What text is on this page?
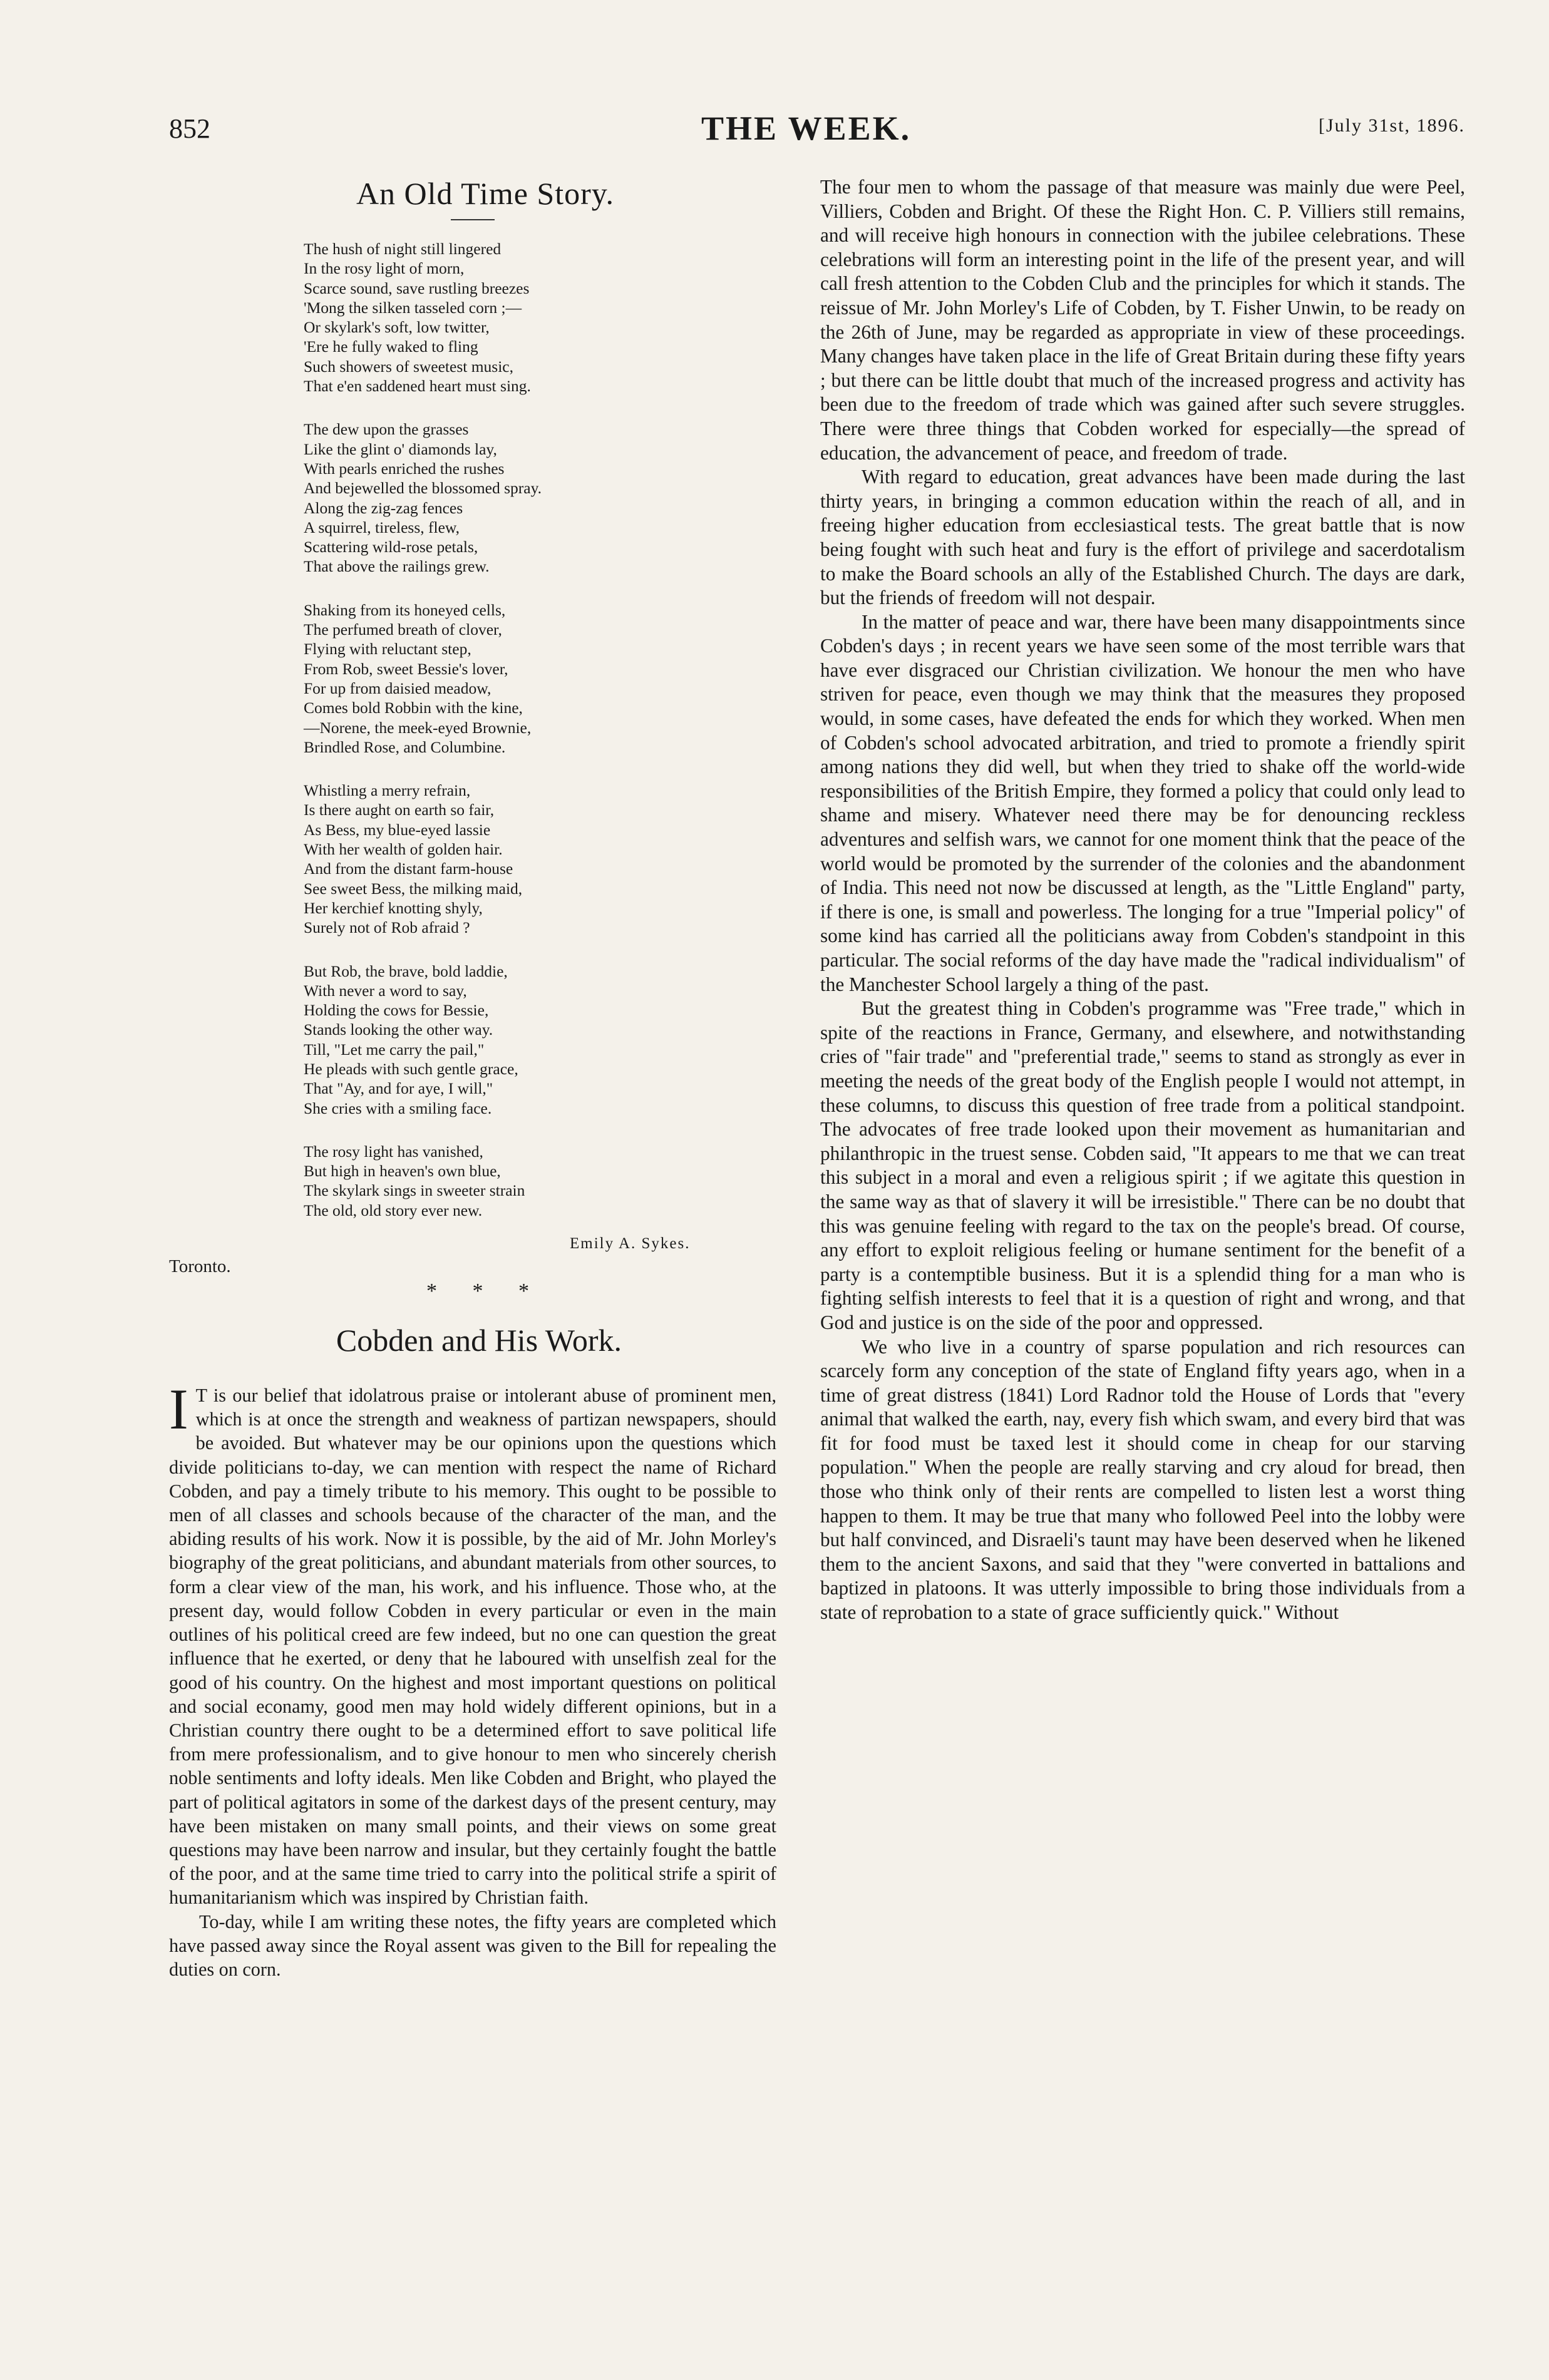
852	THE WEEK.	[July 31st, 1896.
An Old Time Story.
The hush of night still lingered
In the rosy light of morn,
Scarce sound, save rustling breezes
'Mong the silken tasseled corn ;—
Or skylark's soft, low twitter,
'Ere he fully waked to fling
Such showers of sweetest music,
That e'en saddened heart must sing.
The dew upon the grasses
Like the glint o' diamonds lay,
With pearls enriched the rushes
And bejewelled the blossomed spray.
Along the zig-zag fences
A squirrel, tireless, flew,
Scattering wild-rose petals,
That above the railings grew.
Shaking from its honeyed cells,
The perfumed breath of clover,
Flying with reluctant step,
From Rob, sweet Bessie's lover,
For up from daisied meadow,
Comes bold Robbin with the kine,
—Norene, the meek-eyed Brownie,
Brindled Rose, and Columbine.
Whistling a merry refrain,
Is there aught on earth so fair,
As Bess, my blue-eyed lassie
With her wealth of golden hair.
And from the distant farm-house
See sweet Bess, the milking maid,
Her kerchief knotting shyly,
Surely not of Rob afraid ?
But Rob, the brave, bold laddie,
With never a word to say,
Holding the cows for Bessie,
Stands looking the other way.
Till, "Let me carry the pail,"
He pleads with such gentle grace,
That "Ay, and for aye, I will,"
She cries with a smiling face.
The rosy light has vanished,
But high in heaven's own blue,
The skylark sings in sweeter strain
The old, old story ever new.
Emily A. Sykes.
Toronto.
* * *
Cobden and His Work.

I T is our belief that idolatrous praise or intolerant abuse of prominent men, which is at once the strength and weakness of partizan newspapers, should be avoided. But whatever may be our opinions upon the questions which divide politicians to-day, we can mention with respect the name of Richard Cobden, and pay a timely tribute to his memory. This ought to be possible to men of all classes and schools because of the character of the man, and the abiding results of his work. Now it is possible, by the aid of Mr. John Morley's biography of the great politicians, and abundant materials from other sources, to form a clear view of the man, his work, and his influence. Those who, at the present day, would follow Cobden in every particular or even in the main outlines of his political creed are few indeed, but no one can question the great influence that he exerted, or deny that he laboured with unselfish zeal for the good of his country. On the highest and most important questions on political and social econamy, good men may hold widely different opinions, but in a Christian country there ought to be a determined effort to save political life from mere professionalism, and to give honour to men who sincerely cherish noble sentiments and lofty ideals. Men like Cobden and Bright, who played the part of political agitators in some of the darkest days of the present century, may have been mistaken on many small points, and their views on some great questions may have been narrow and insular, but they certainly fought the battle of the poor, and at the same time tried to carry into the political strife a spirit of humanitarianism which was inspired by Christian faith.

To-day, while I am writing these notes, the fifty years are completed which have passed away since the Royal assent was given to the Bill for repealing the duties on corn.

The four men to whom the passage of that measure was mainly due were Peel, Villiers, Cobden and Bright. Of these the Right Hon. C. P. Villiers still remains, and will receive high honours in connection with the jubilee celebrations. These celebrations will form an interesting point in the life of the present year, and will call fresh attention to the Cobden Club and the principles for which it stands. The reissue of Mr. John Morley's Life of Cobden, by T. Fisher Unwin, to be ready on the 26th of June, may be regarded as appropriate in view of these proceedings. Many changes have taken place in the life of Great Britain during these fifty years ; but there can be little doubt that much of the increased progress and activity has been due to the freedom of trade which was gained after such severe struggles. There were three things that Cobden worked for especially—the spread of education, the advancement of peace, and freedom of trade.

With regard to education, great advances have been made during the last thirty years, in bringing a common education within the reach of all, and in freeing higher education from ecclesiastical tests. The great battle that is now being fought with such heat and fury is the effort of privilege and sacerdotalism to make the Board schools an ally of the Established Church. The days are dark, but the friends of freedom will not despair.

In the matter of peace and war, there have been many disappointments since Cobden's days ; in recent years we have seen some of the most terrible wars that have ever disgraced our Christian civilization. We honour the men who have striven for peace, even though we may think that the measures they proposed would, in some cases, have defeated the ends for which they worked. When men of Cobden's school advocated arbitration, and tried to promote a friendly spirit among nations they did well, but when they tried to shake off the world-wide responsibilities of the British Empire, they formed a policy that could only lead to shame and misery. Whatever need there may be for denouncing reckless adventures and selfish wars, we cannot for one moment think that the peace of the world would be promoted by the surrender of the colonies and the abandonment of India. This need not now be discussed at length, as the "Little England" party, if there is one, is small and powerless. The longing for a true "Imperial policy" of some kind has carried all the politicians away from Cobden's standpoint in this particular. The social reforms of the day have made the "radical individualism" of the Manchester School largely a thing of the past.

But the greatest thing in Cobden's programme was "Free trade," which in spite of the reactions in France, Germany, and elsewhere, and notwithstanding cries of "fair trade" and "preferential trade," seems to stand as strongly as ever in meeting the needs of the great body of the English people I would not attempt, in these columns, to discuss this question of free trade from a political standpoint. The advocates of free trade looked upon their movement as humanitarian and philanthropic in the truest sense. Cobden said, "It appears to me that we can treat this subject in a moral and even a religious spirit ; if we agitate this question in the same way as that of slavery it will be irresistible." There can be no doubt that this was genuine feeling with regard to the tax on the people's bread. Of course, any effort to exploit religious feeling or humane sentiment for the benefit of a party is a contemptible business. But it is a splendid thing for a man who is fighting selfish interests to feel that it is a question of right and wrong, and that God and justice is on the side of the poor and oppressed.

We who live in a country of sparse population and rich resources can scarcely form any conception of the state of England fifty years ago, when in a time of great distress (1841) Lord Radnor told the House of Lords that "every animal that walked the earth, nay, every fish which swam, and every bird that was fit for food must be taxed lest it should come in cheap for our starving population." When the people are really starving and cry aloud for bread, then those who think only of their rents are compelled to listen lest a worst thing happen to them. It may be true that many who followed Peel into the lobby were but half convinced, and Disraeli's taunt may have been deserved when he likened them to the ancient Saxons, and said that they "were converted in battalions and baptized in platoons. It was utterly impossible to bring those individuals from a state of reprobation to a state of grace sufficiently quick." Without
